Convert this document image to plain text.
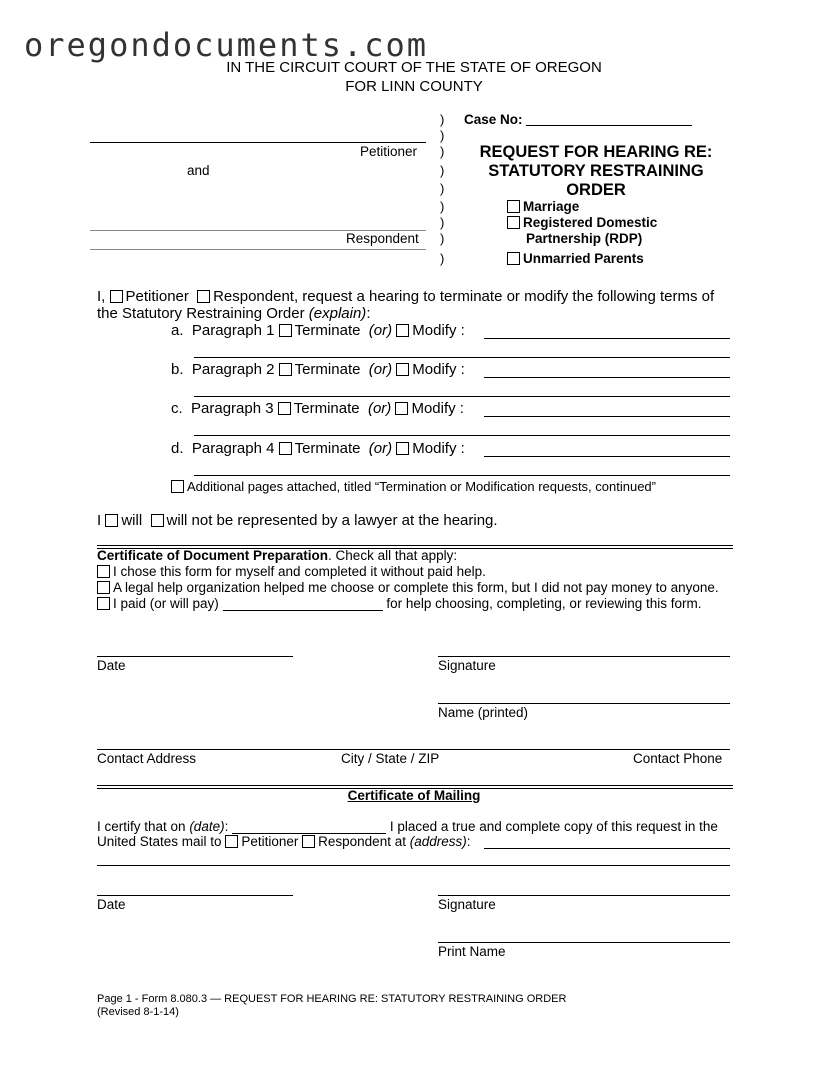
oregondocuments.com
IN THE CIRCUIT COURT OF THE STATE OF OREGON
FOR LINN COUNTY
Petitioner
and
Respondent
)
)
)
)
)
)
)
)
)
Case No:
REQUEST FOR HEARING RE:
STATUTORY RESTRAINING
ORDER
Marriage
Registered Domestic
Partnership (RDP)
Unmarried Parents
I, Petitioner Respondent, request a hearing to terminate or modify the following terms of
the Statutory Restraining Order (explain):
a. Paragraph 1 Terminate (or) Modify :
b. Paragraph 2 Terminate (or) Modify :
c. Paragraph 3 Terminate (or) Modify :
d. Paragraph 4 Terminate (or) Modify :
Additional pages attached, titled “Termination or Modification requests, continued”
I will will not be represented by a lawyer at the hearing.
Certificate of Document Preparation. Check all that apply:
I chose this form for myself and completed it without paid help.
A legal help organization helped me choose or complete this form, but I did not pay money to anyone.
I paid (or will pay)	for help choosing, completing, or reviewing this form.
Date	Signature
Name (printed)
Contact Address	City / State / ZIP	Contact Phone
Certificate of Mailing
I certify that on (date):	I placed a true and complete copy of this request in the
United States mail to Petitioner Respondent at (address):
Date	Signature
Print Name
Page 1 - Form 8.080.3 — REQUEST FOR HEARING RE: STATUTORY RESTRAINING ORDER
(Revised 8-1-14)
